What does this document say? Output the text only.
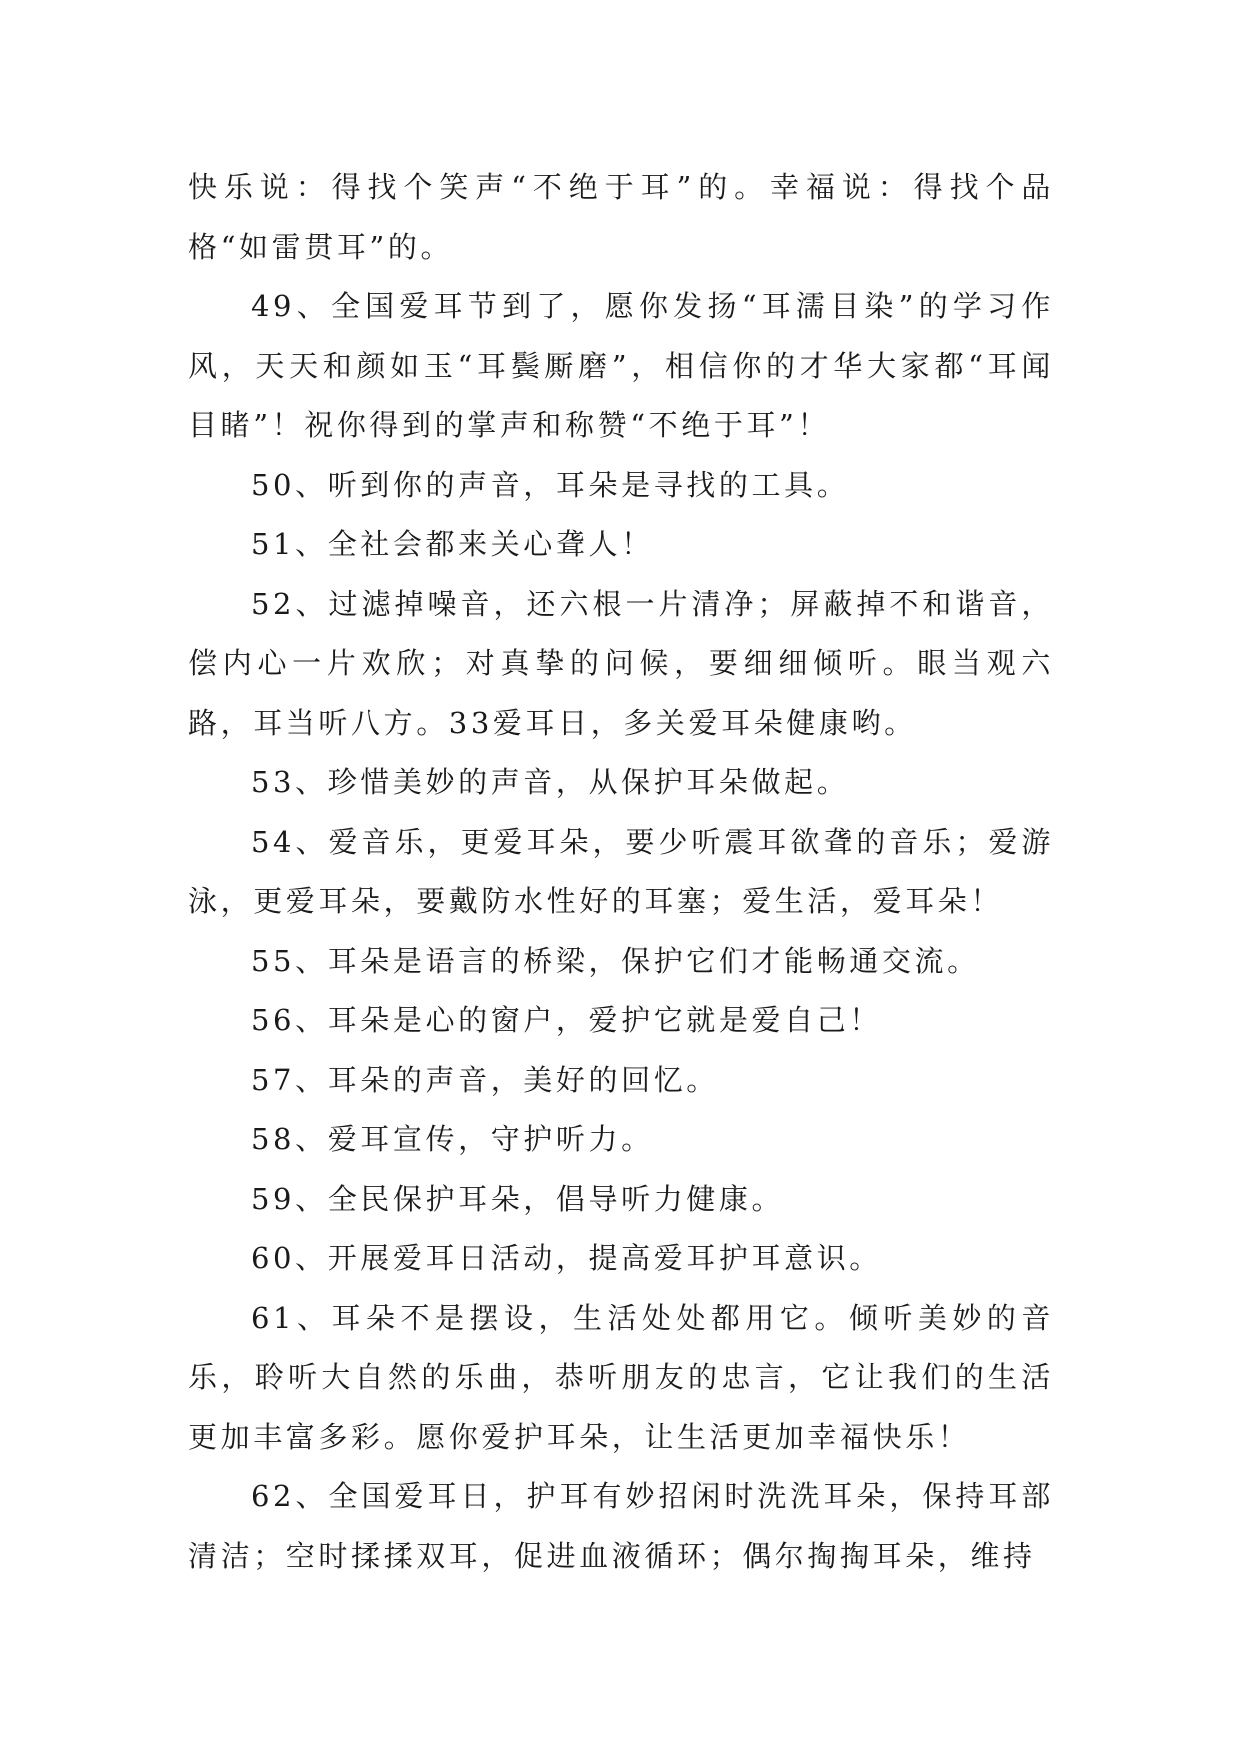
快乐说：得找个笑声“不绝于耳”的。幸福说：得找个品格“如雷贯耳”的。

49、全国爱耳节到了，愿你发扬“耳濡目染”的学习作风，天天和颜如玉“耳鬓厮磨”，相信你的才华大家都“耳闻目睹”！祝你得到的掌声和称赞“不绝于耳”！

50、听到你的声音，耳朵是寻找的工具。

51、全社会都来关心聋人！

52、过滤掉噪音，还六根一片清净；屏蔽掉不和谐音，偿内心一片欢欣；对真挚的问候，要细细倾听。眼当观六路，耳当听八方。33爱耳日，多关爱耳朵健康哟。

53、珍惜美妙的声音，从保护耳朵做起。

54、爱音乐，更爱耳朵，要少听震耳欲聋的音乐；爱游泳，更爱耳朵，要戴防水性好的耳塞；爱生活，爱耳朵！

55、耳朵是语言的桥梁，保护它们才能畅通交流。

56、耳朵是心的窗户，爱护它就是爱自己！

57、耳朵的声音，美好的回忆。

58、爱耳宣传，守护听力。

59、全民保护耳朵，倡导听力健康。

60、开展爱耳日活动，提高爱耳护耳意识。

61、耳朵不是摆设，生活处处都用它。倾听美妙的音乐，聆听大自然的乐曲，恭听朋友的忠言，它让我们的生活更加丰富多彩。愿你爱护耳朵，让生活更加幸福快乐！

62、全国爱耳日，护耳有妙招闲时洗洗耳朵，保持耳部清洁；空时揉揉双耳，促进血液循环；偶尔掏掏耳朵，维持
